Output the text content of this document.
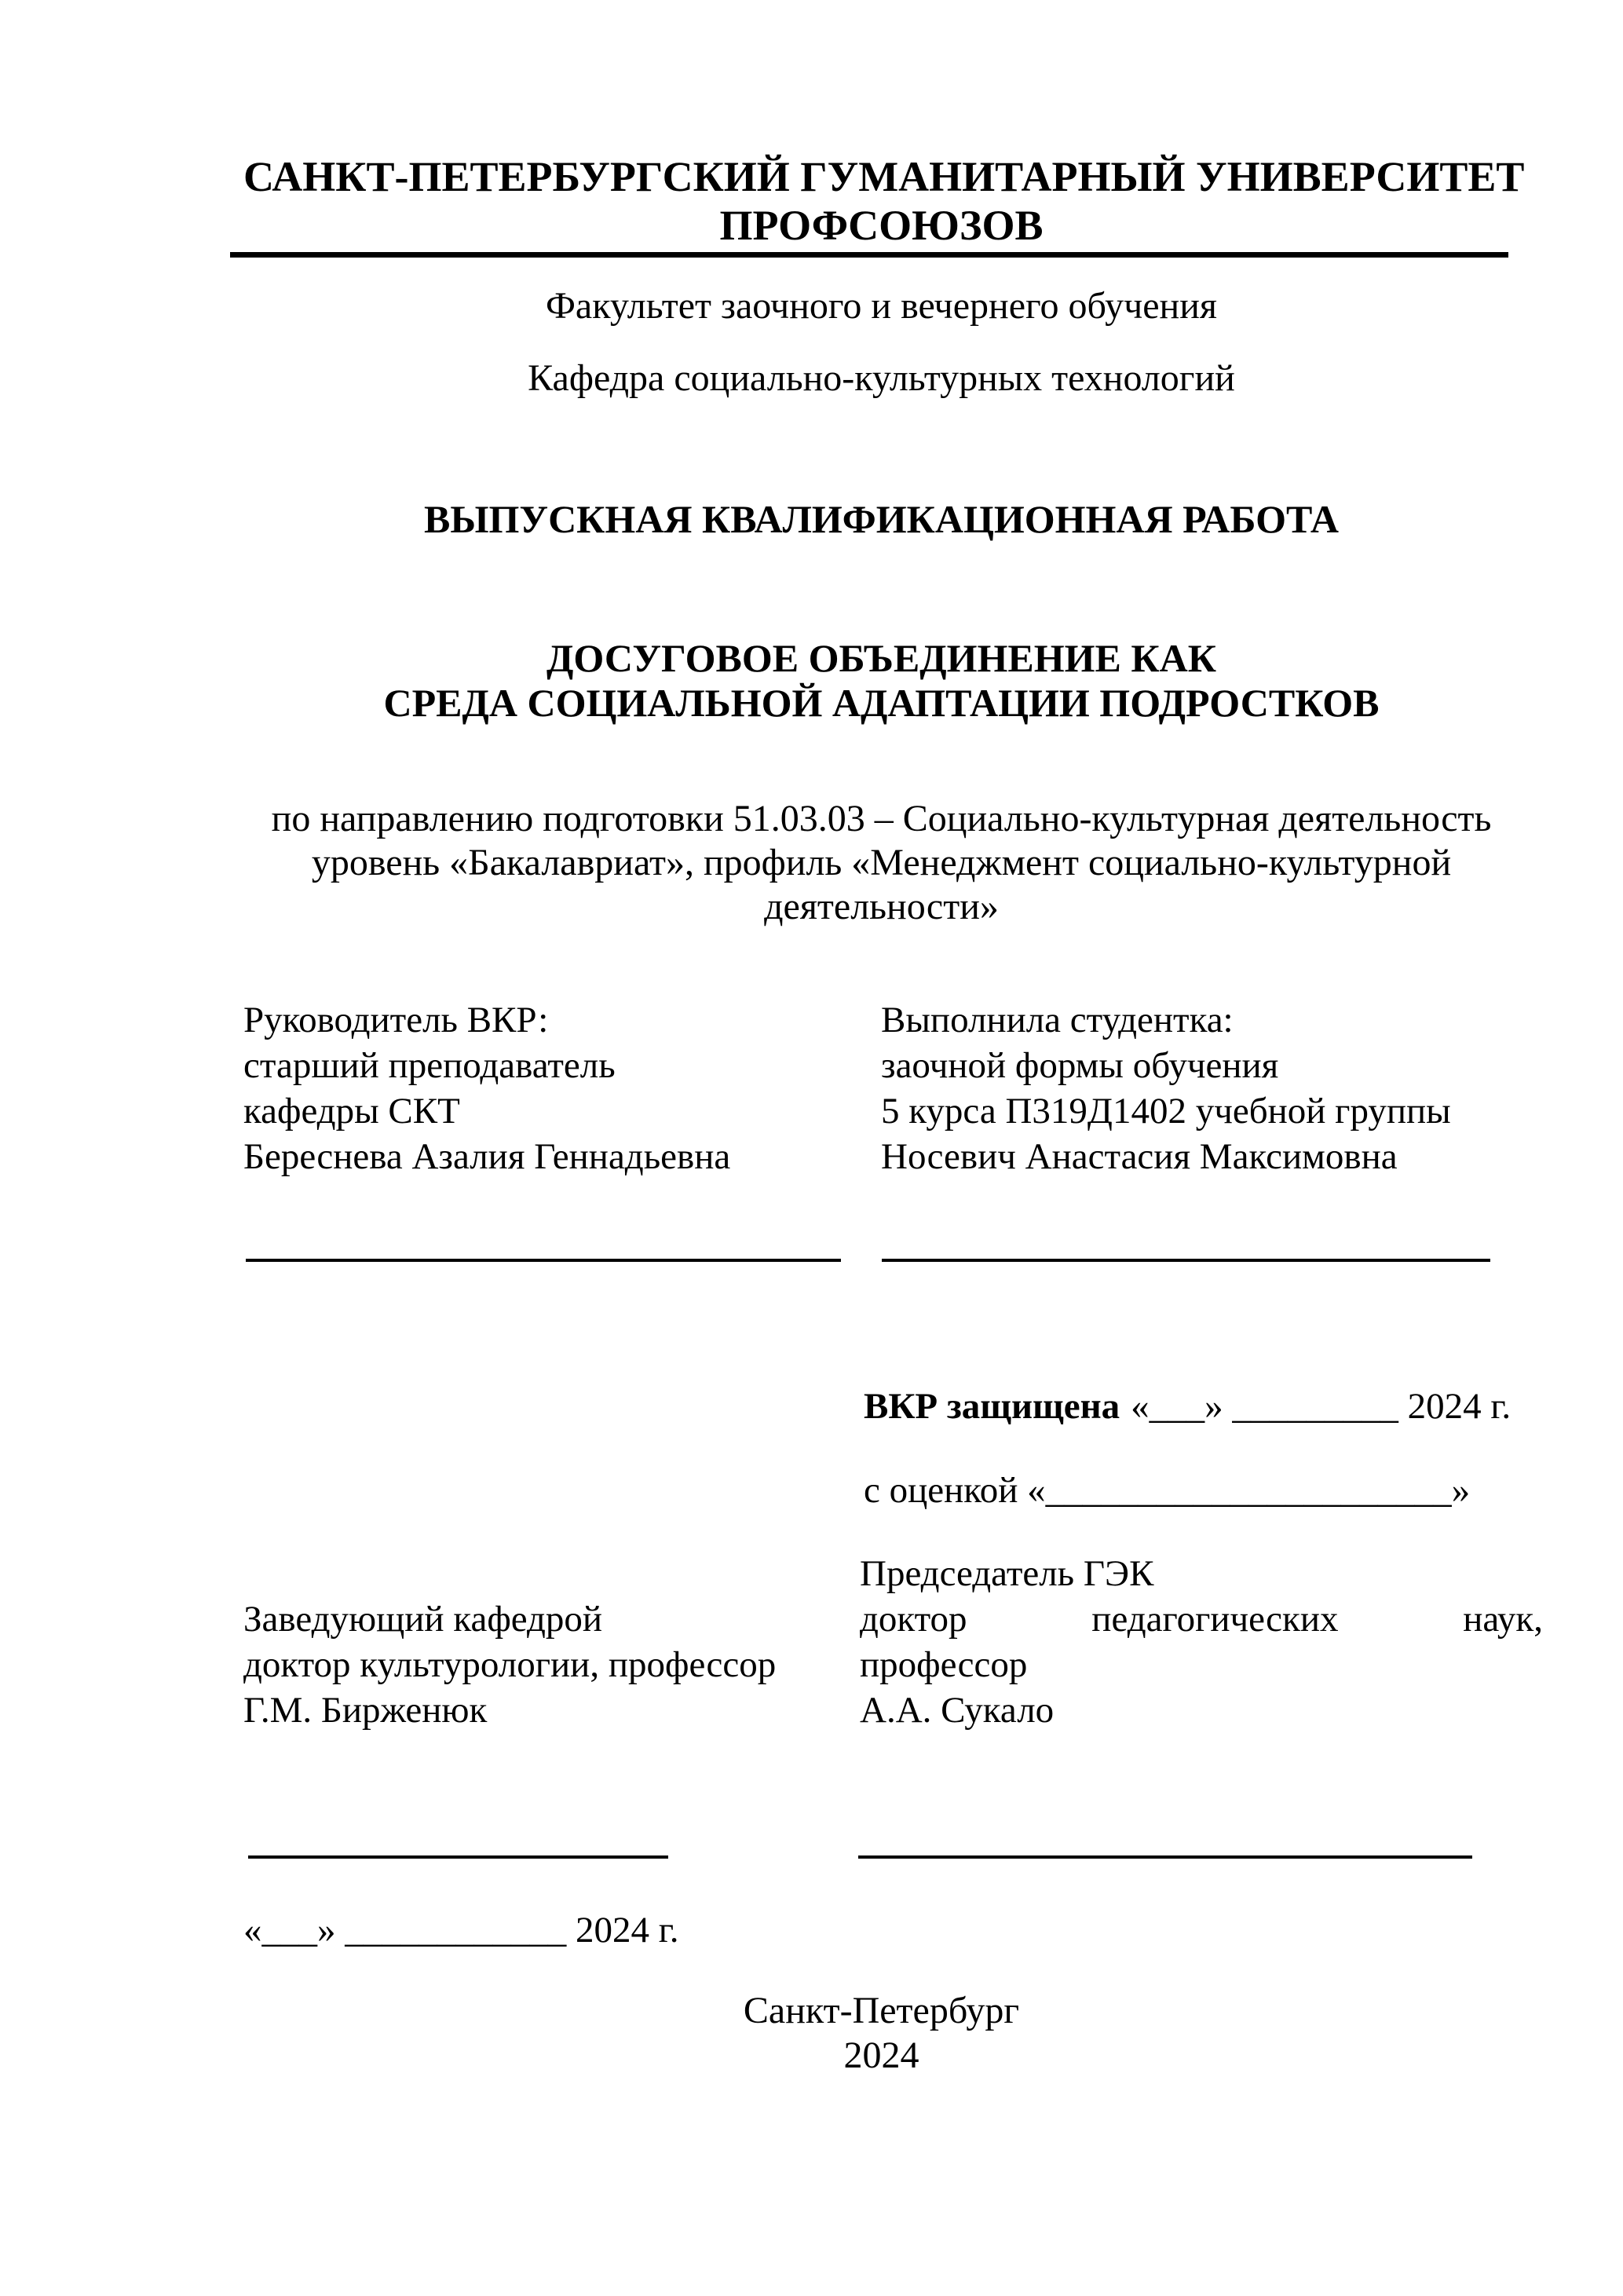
САНКТ-ПЕТЕРБУРГСКИЙ ГУМАНИТАРНЫЙ УНИВЕРСИТЕТ
ПРОФСОЮЗОВ
Факультет заочного и вечернего обучения
Кафедра социально-культурных технологий
ВЫПУСКНАЯ КВАЛИФИКАЦИОННАЯ РАБОТА
ДОСУГОВОЕ ОБЪЕДИНЕНИЕ КАК
СРЕДА СОЦИАЛЬНОЙ АДАПТАЦИИ ПОДРОСТКОВ
по направлению подготовки 51.03.03 – Социально-культурная деятельность
уровень «Бакалавриат», профиль «Менеджмент социально-культурной
деятельности»
Руководитель ВКР:
старший преподаватель
кафедры СКТ
Береснева Азалия Геннадьевна
Выполнила студентка:
заочной формы обучения
5 курса П319Д1402 учебной группы
Носевич Анастасия Максимовна
ВКР защищена «___» _________ 2024 г.
с оценкой «______________________»
Председатель ГЭК
доктор педагогических наук,
профессор
А.А. Сукало
Заведующий кафедрой
доктор культурологии, профессор
Г.М. Бирженюк
«___» ____________ 2024 г.
Санкт-Петербург
2024
